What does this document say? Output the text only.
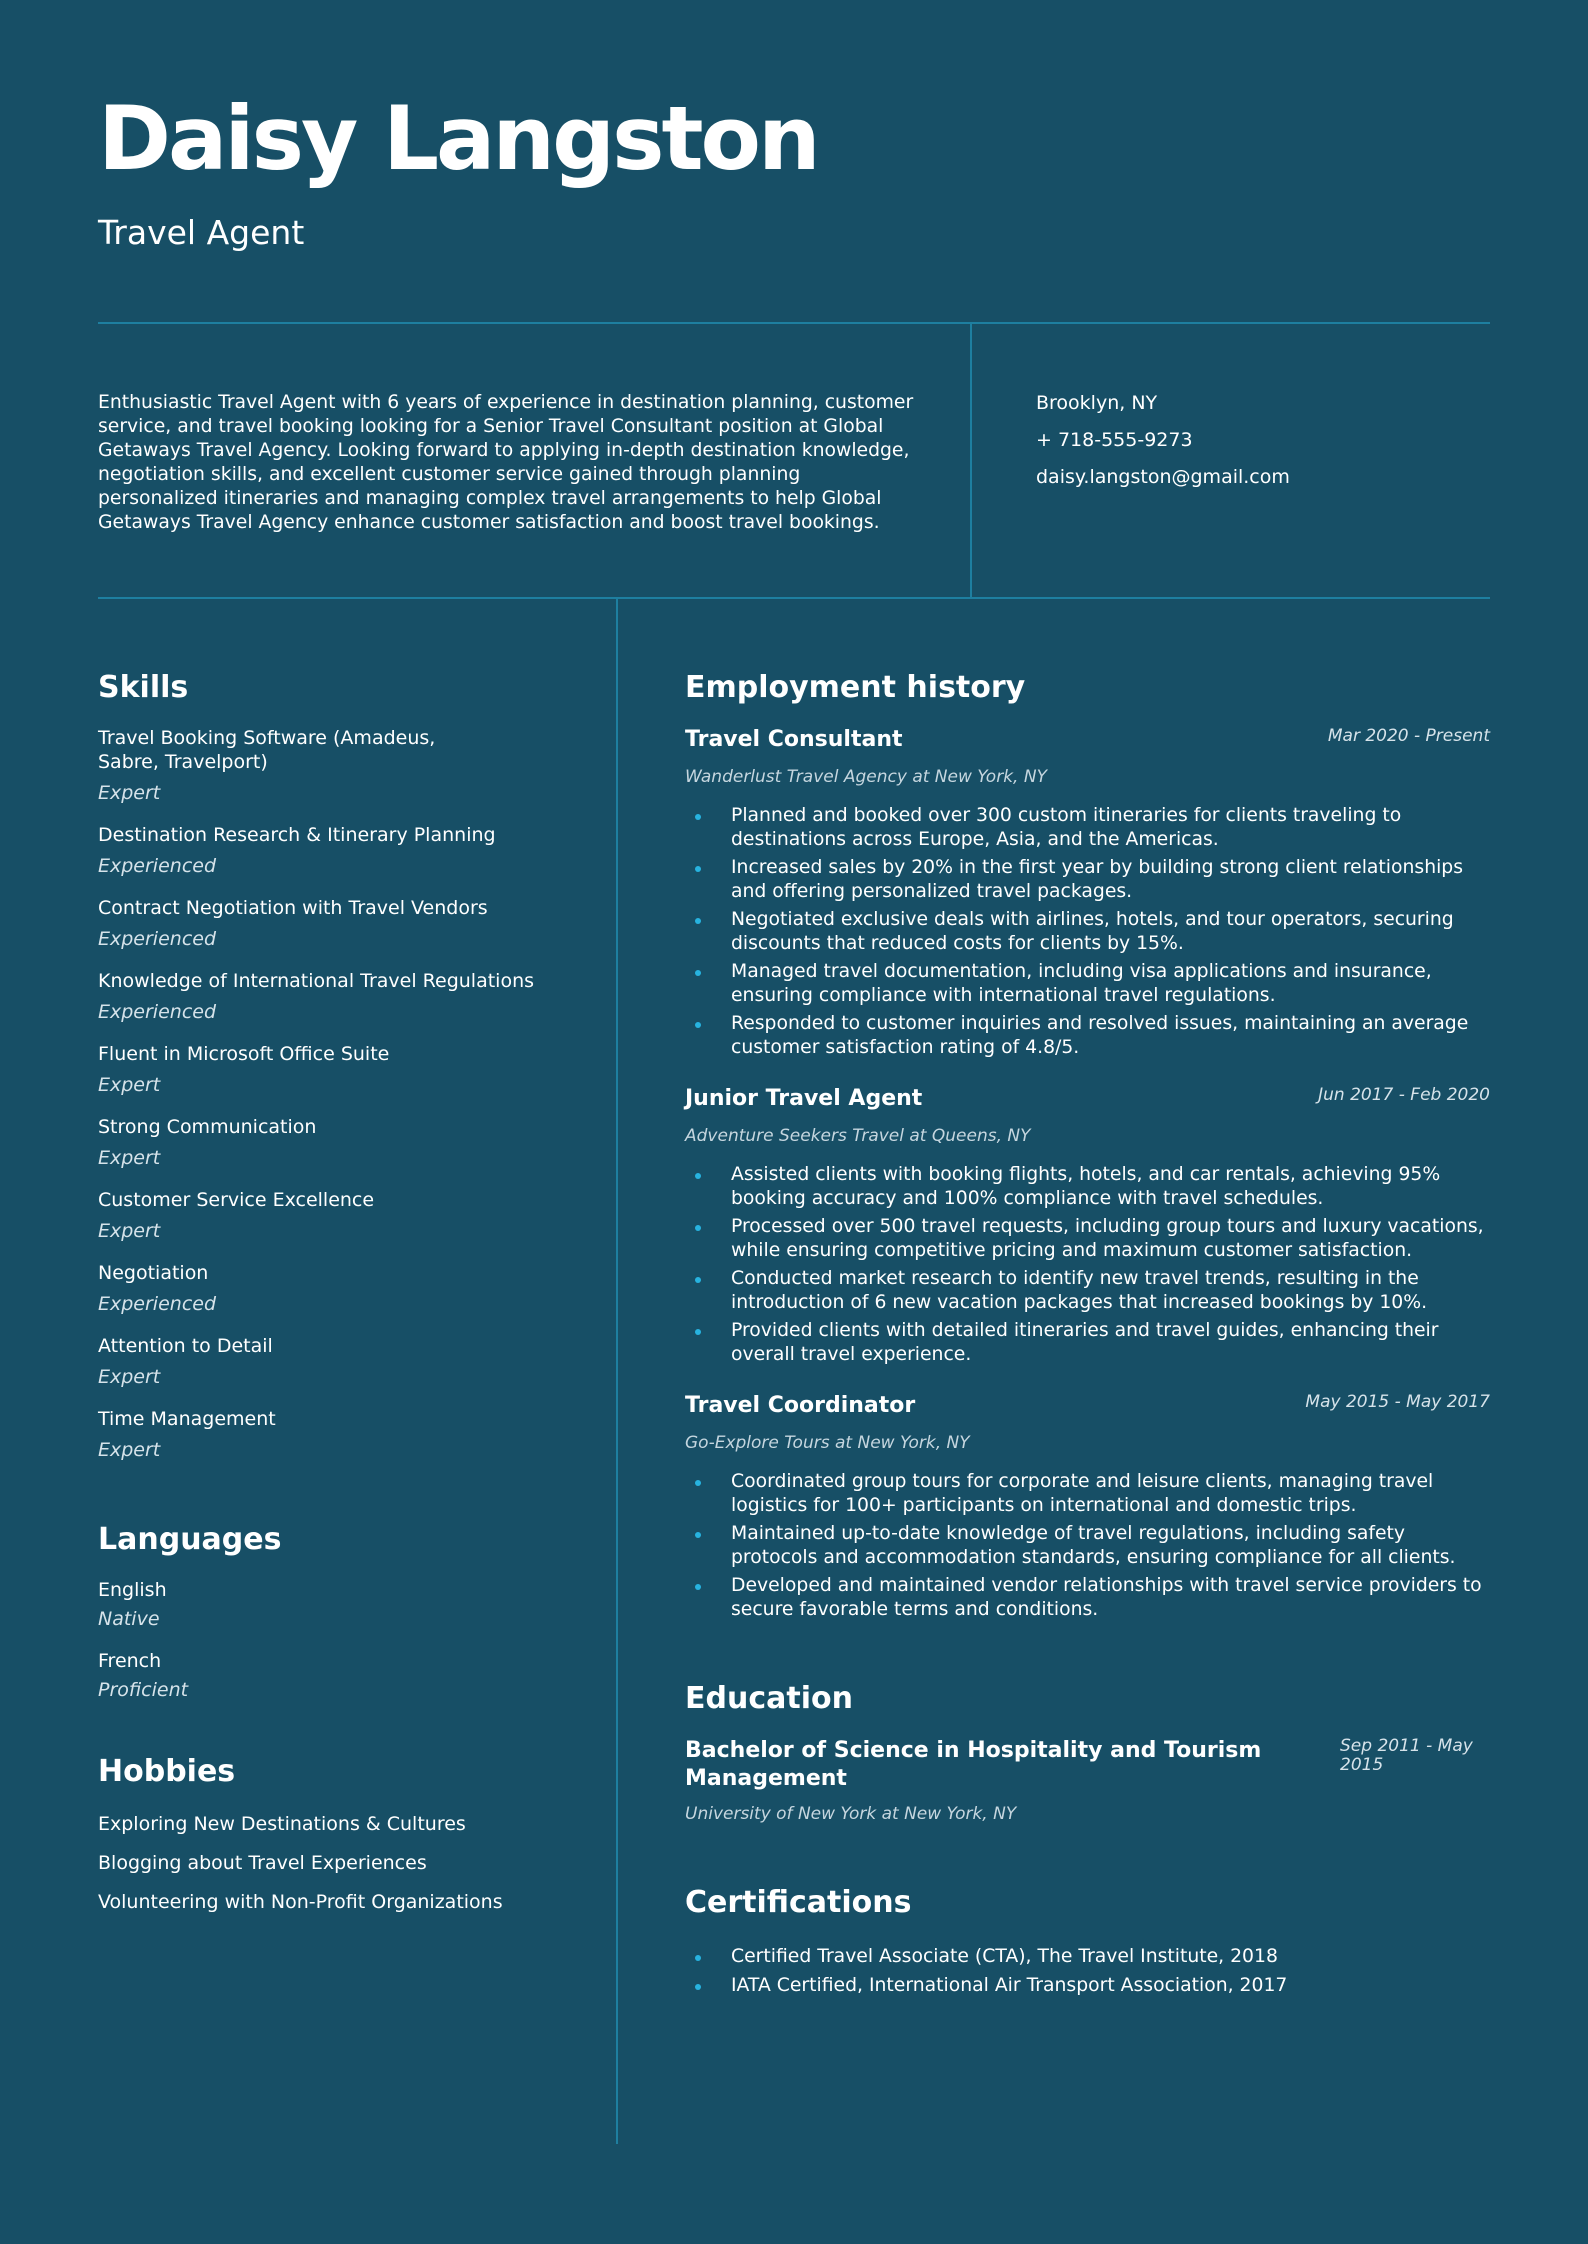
Daisy Langston
Travel Agent

Enthusiastic Travel Agent with 6 years of experience in destination planning, customer service, and travel booking looking for a Senior Travel Consultant position at Global Getaways Travel Agency. Looking forward to applying in-depth destination knowledge, negotiation skills, and excellent customer service gained through planning personalized itineraries and managing complex travel arrangements to help Global Getaways Travel Agency enhance customer satisfaction and boost travel bookings.

Brooklyn, NY
+ 718-555-9273
daisy.langston@gmail.com
Skills
Travel Booking Software (Amadeus, Sabre, Travelport)
Expert
Destination Research & Itinerary Planning
Experienced
Contract Negotiation with Travel Vendors
Experienced
Knowledge of International Travel Regulations
Experienced
Fluent in Microsoft Office Suite
Expert
Strong Communication
Expert
Customer Service Excellence
Expert
Negotiation
Experienced
Attention to Detail
Expert
Time Management
Expert
Languages
English
Native
French
Proficient
Hobbies
Exploring New Destinations & Cultures
Blogging about Travel Experiences
Volunteering with Non-Profit Organizations
Employment history
Travel Consultant	Mar 2020 - Present
Wanderlust Travel Agency at New York, NY
Planned and booked over 300 custom itineraries for clients traveling to destinations across Europe, Asia, and the Americas.
Increased sales by 20% in the first year by building strong client relationships and offering personalized travel packages.
Negotiated exclusive deals with airlines, hotels, and tour operators, securing discounts that reduced costs for clients by 15%.
Managed travel documentation, including visa applications and insurance, ensuring compliance with international travel regulations.
Responded to customer inquiries and resolved issues, maintaining an average customer satisfaction rating of 4.8/5.
Junior Travel Agent	Jun 2017 - Feb 2020
Adventure Seekers Travel at Queens, NY
Assisted clients with booking flights, hotels, and car rentals, achieving 95% booking accuracy and 100% compliance with travel schedules.
Processed over 500 travel requests, including group tours and luxury vacations, while ensuring competitive pricing and maximum customer satisfaction.
Conducted market research to identify new travel trends, resulting in the introduction of 6 new vacation packages that increased bookings by 10%.
Provided clients with detailed itineraries and travel guides, enhancing their overall travel experience.
Travel Coordinator	May 2015 - May 2017
Go-Explore Tours at New York, NY
Coordinated group tours for corporate and leisure clients, managing travel logistics for 100+ participants on international and domestic trips.
Maintained up-to-date knowledge of travel regulations, including safety protocols and accommodation standards, ensuring compliance for all clients.
Developed and maintained vendor relationships with travel service providers to secure favorable terms and conditions.
Education
Bachelor of Science in Hospitality and Tourism Management
Sep 2011 - May 2015
University of New York at New York, NY
Certifications
Certified Travel Associate (CTA), The Travel Institute, 2018
IATA Certified, International Air Transport Association, 2017
